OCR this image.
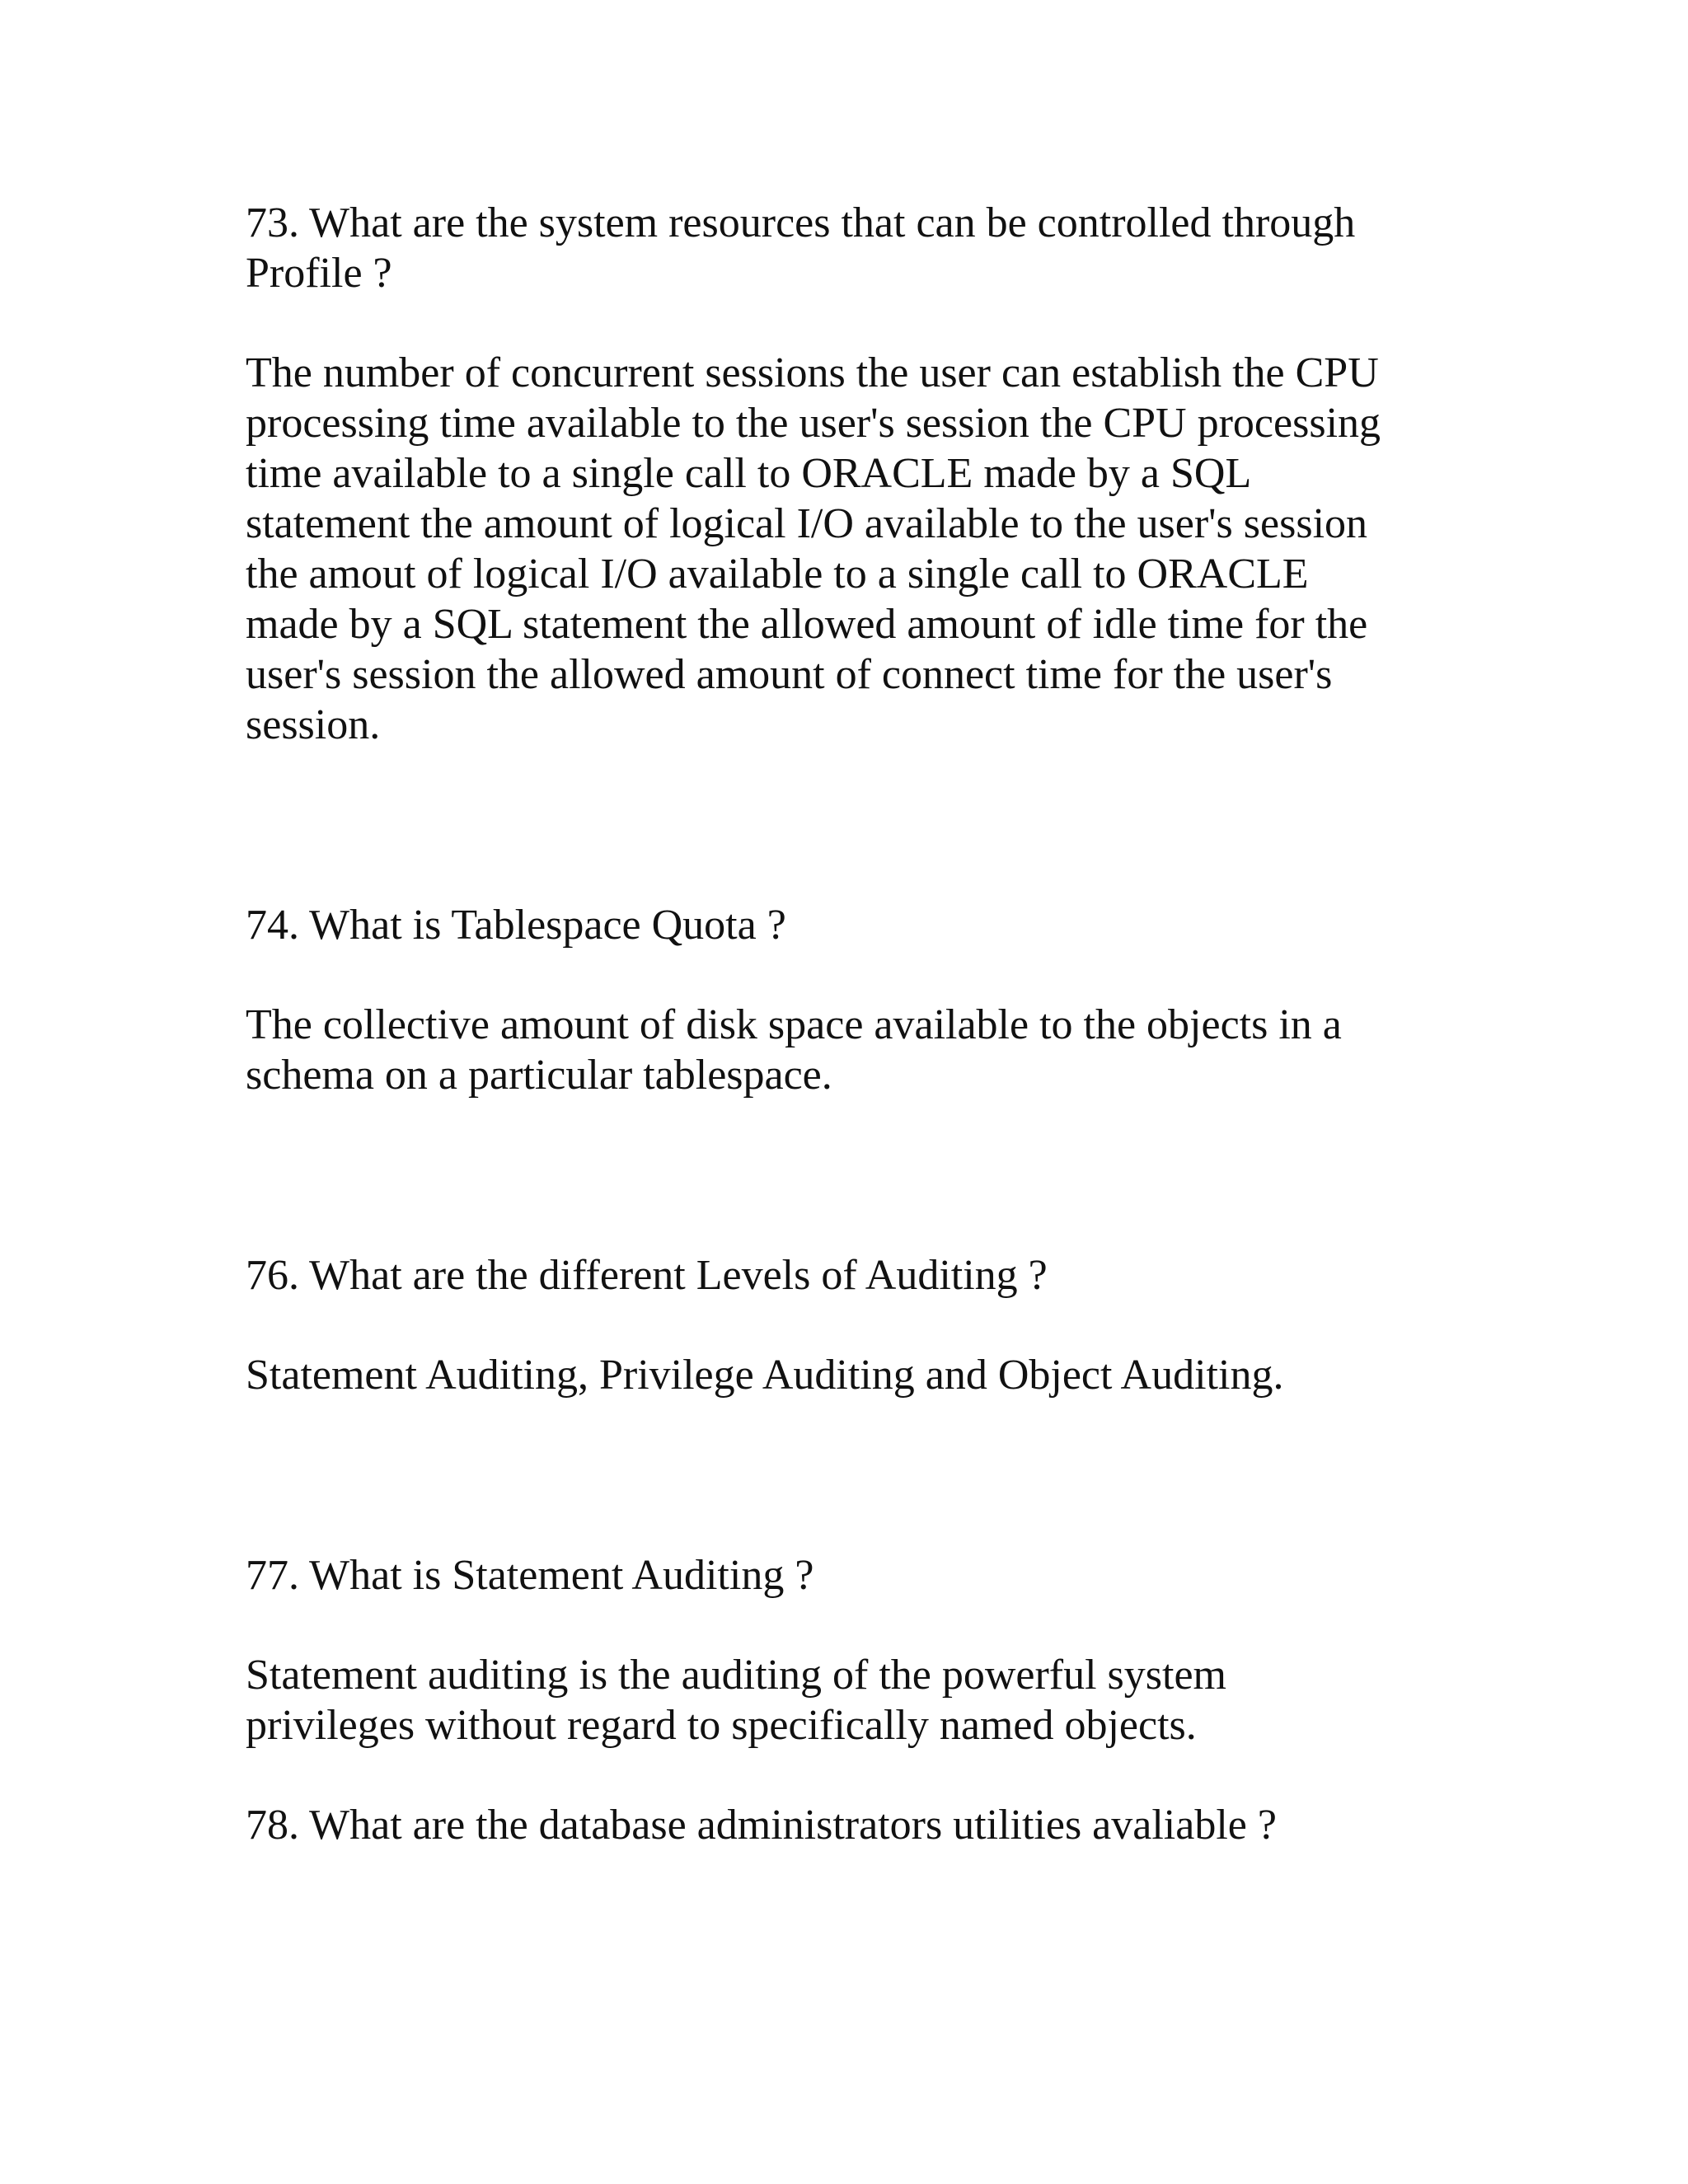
73. What are the system resources that can be controlled through

Profile ?

The number of concurrent sessions the user can establish the CPU

processing time available to the user's session the CPU processing

time available to a single call to ORACLE made by a SQL

statement the amount of logical I/O available to the user's session

the amout of logical I/O available to a single call to ORACLE

made by a SQL statement the allowed amount of idle time for the

user's session the allowed amount of connect time for the user's

session.

74. What is Tablespace Quota ?

The collective amount of disk space available to the objects in a

schema on a particular tablespace.

76. What are the different Levels of Auditing ?

Statement Auditing, Privilege Auditing and Object Auditing.

77. What is Statement Auditing ?

Statement auditing is the auditing of the powerful system

privileges without regard to specifically named objects.

78. What are the database administrators utilities avaliable ?
